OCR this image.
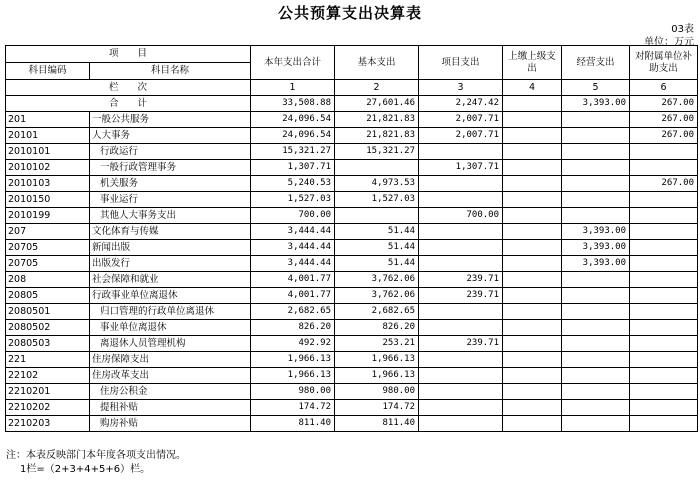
公共预算支出决算表
03表
单位：万元
项　　目		本年支出合计	基本支出	项目支出	上缴上级支出	经营支出	对附属单位补助支出
科目编码	科目名称						
栏　　次		1	2	3	4	5	6
合　　计		33,508.88	27,601.46	2,247.42		3,393.00	267.00
201	一般公共服务	24,096.54	21,821.83	2,007.71			267.00
20101	人大事务	24,096.54	21,821.83	2,007.71			267.00
2010101	行政运行	15,321.27	15,321.27				
2010102	一般行政管理事务	1,307.71		1,307.71			
2010103	机关服务	5,240.53	4,973.53				267.00
2010150	事业运行	1,527.03	1,527.03				
2010199	其他人大事务支出	700.00		700.00			
207	文化体育与传媒	3,444.44	51.44			3,393.00	
20705	新闻出版	3,444.44	51.44			3,393.00	
20705	出版发行	3,444.44	51.44			3,393.00	
208	社会保障和就业	4,001.77	3,762.06	239.71			
20805	行政事业单位离退休	4,001.77	3,762.06	239.71			
2080501	归口管理的行政单位离退休	2,682.65	2,682.65				
2080502	事业单位离退休	826.20	826.20				
2080503	离退休人员管理机构	492.92	253.21	239.71			
221	住房保障支出	1,966.13	1,966.13				
22102	住房改革支出	1,966.13	1,966.13				
2210201	住房公积金	980.00	980.00				
2210202	提租补贴	174.72	174.72				
2210203	购房补贴	811.40	811.40				
注：本表反映部门本年度各项支出情况。
1栏=（2+3+4+5+6）栏。
